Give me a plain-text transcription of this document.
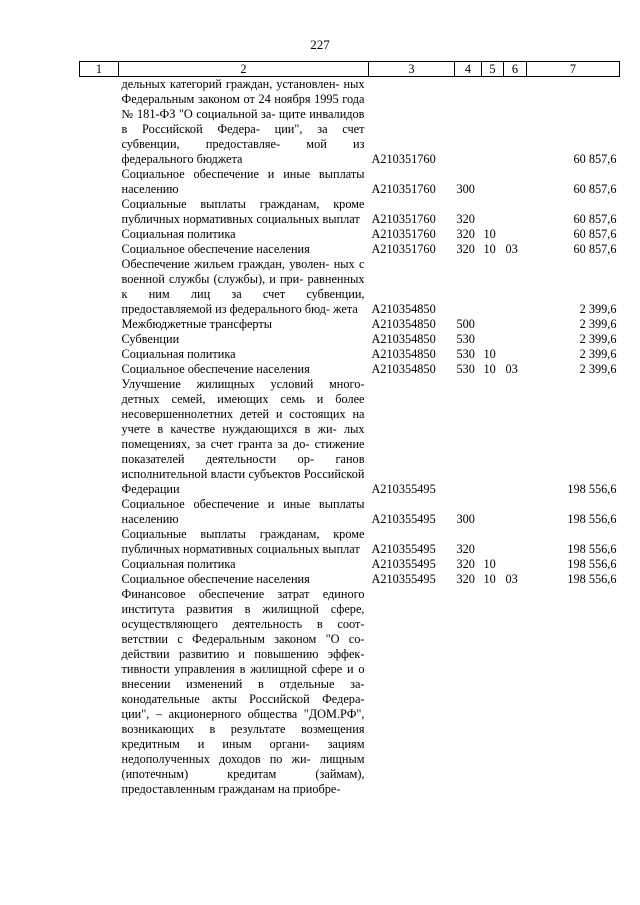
227
1	2	3	4	5	6	7
	дельных категорий граждан, установлен- ных Федеральным законом от 24 ноября 1995 года № 181-ФЗ "О социальной за- щите инвалидов в Российской Федера- ции", за счет субвенции, предоставляе- мой из федерального бюджета	А210351760				60 857,6
	Социальное обеспечение и иные выплаты населению	А210351760	300			60 857,6
	Социальные выплаты гражданам, кроме публичных нормативных социальных выплат	А210351760	320			60 857,6
	Социальная политика	А210351760	320	10		60 857,6
	Социальное обеспечение населения	А210351760	320	10	03	60 857,6
	Обеспечение жильем граждан, уволен- ных с военной службы (службы), и при- равненных к ним лиц за счет субвенции, предоставляемой из федерального бюд- жета	А210354850				2 399,6
	Межбюджетные трансферты	А210354850	500			2 399,6
	Субвенции	А210354850	530			2 399,6
	Социальная политика	А210354850	530	10		2 399,6
	Социальное обеспечение населения	А210354850	530	10	03	2 399,6
	Улучшение жилищных условий много- детных семей, имеющих семь и более несовершеннолетних детей и состоящих на учете в качестве нуждающихся в жи- лых помещениях, за счет гранта за до- стижение показателей деятельности ор- ганов исполнительной власти субъектов Российской Федерации	А210355495				198 556,6
	Социальное обеспечение и иные выплаты населению	А210355495	300			198 556,6
	Социальные выплаты гражданам, кроме публичных нормативных социальных выплат	А210355495	320			198 556,6
	Социальная политика	А210355495	320	10		198 556,6
	Социальное обеспечение населения	А210355495	320	10	03	198 556,6
	Финансовое обеспечение затрат единого института развития в жилищной сфере, осуществляющего деятельность в соот- ветствии с Федеральным законом "О со- действии развитию и повышению эффек- тивности управления в жилищной сфере и о внесении изменений в отдельные за- конодательные акты Российской Федера- ции", – акционерного общества "ДОМ.РФ", возникающих в результате возмещения кредитным и иным органи- зациям недополученных доходов по жи- лищным (ипотечным) кредитам (займам), предоставленным гражданам на приобре-					
